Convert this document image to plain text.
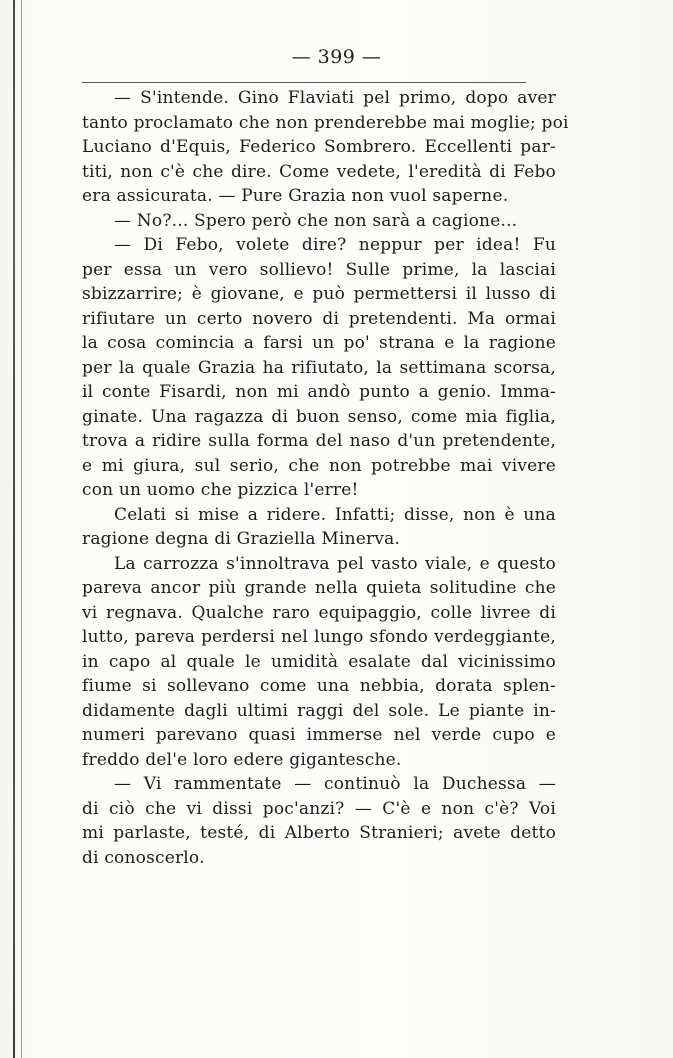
— 399 —
— S'intende. Gino Flaviati pel primo, dopo aver
tanto proclamato che non prenderebbe mai moglie; poi
Luciano d'Equis, Federico Sombrero. Eccellenti par-
titi, non c'è che dire. Come vedete, l'eredità di Febo
era assicurata. — Pure Grazia non vuol saperne.
— No?... Spero però che non sarà a cagione...
— Di Febo, volete dire? neppur per idea! Fu
per essa un vero sollievo! Sulle prime, la lasciai
sbizzarrire; è giovane, e può permettersi il lusso di
rifiutare un certo novero di pretendenti. Ma ormai
la cosa comincia a farsi un po' strana e la ragione
per la quale Grazia ha rifiutato, la settimana scorsa,
il conte Fisardi, non mi andò punto a genio. Imma-
ginate. Una ragazza di buon senso, come mia figlia,
trova a ridire sulla forma del naso d'un pretendente,
e mi giura, sul serio, che non potrebbe mai vivere
con un uomo che pizzica l'erre!
Celati si mise a ridere. Infatti; disse, non è una
ragione degna di Graziella Minerva.
La carrozza s'innoltrava pel vasto viale, e questo
pareva ancor più grande nella quieta solitudine che
vi regnava. Qualche raro equipaggio, colle livree di
lutto, pareva perdersi nel lungo sfondo verdeggiante,
in capo al quale le umidità esalate dal vicinissimo
fiume si sollevano come una nebbia, dorata splen-
didamente dagli ultimi raggi del sole. Le piante in-
numeri parevano quasi immerse nel verde cupo e
freddo del'e loro edere gigantesche.
— Vi rammentate — continuò la Duchessa —
di ciò che vi dissi poc'anzi? — C'è e non c'è? Voi
mi parlaste, testé, di Alberto Stranieri; avete detto
di conoscerlo.
